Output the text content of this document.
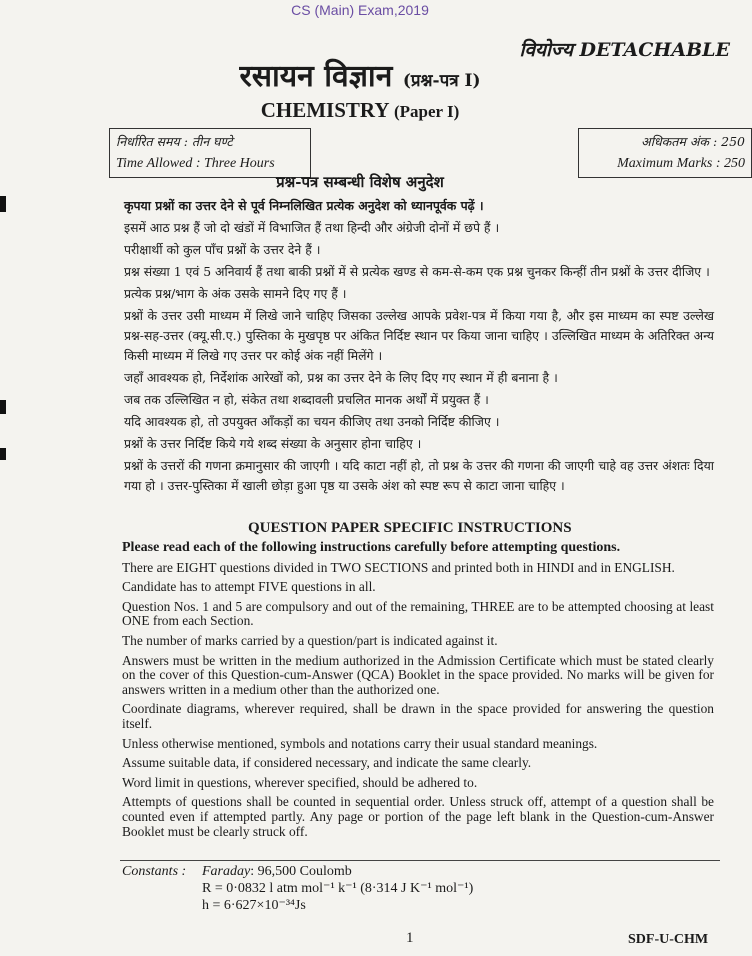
CS (Main) Exam,2019
वियोज्य DETACHABLE
रसायन विज्ञान (प्रश्न-पत्र I)
CHEMISTRY (Paper I)
निर्धारित समय : तीन घण्टे
Time Allowed : Three Hours
अधिकतम अंक : 250
Maximum Marks : 250
प्रश्न-पत्र सम्बन्धी विशेष अनुदेश

कृपया प्रश्नों का उत्तर देने से पूर्व निम्नलिखित प्रत्येक अनुदेश को ध्यानपूर्वक पढ़ें ।

इसमें आठ प्रश्न हैं जो दो खंडों में विभाजित हैं तथा हिन्दी और अंग्रेजी दोनों में छपे हैं ।

परीक्षार्थी को कुल पाँच प्रश्नों के उत्तर देने हैं ।

प्रश्न संख्या 1 एवं 5 अनिवार्य हैं तथा बाकी प्रश्नों में से प्रत्येक खण्ड से कम-से-कम एक प्रश्न चुनकर किन्हीं तीन प्रश्नों के उत्तर दीजिए ।

प्रत्येक प्रश्न/भाग के अंक उसके सामने दिए गए हैं ।

प्रश्नों के उत्तर उसी माध्यम में लिखे जाने चाहिए जिसका उल्लेख आपके प्रवेश-पत्र में किया गया है, और इस माध्यम का स्पष्ट उल्लेख प्रश्न-सह-उत्तर (क्यू.सी.ए.) पुस्तिका के मुखपृष्ठ पर अंकित निर्दिष्ट स्थान पर किया जाना चाहिए । उल्लिखित माध्यम के अतिरिक्त अन्य किसी माध्यम में लिखे गए उत्तर पर कोई अंक नहीं मिलेंगे ।

जहाँ आवश्यक हो, निर्देशांक आरेखों को, प्रश्न का उत्तर देने के लिए दिए गए स्थान में ही बनाना है ।

जब तक उल्लिखित न हो, संकेत तथा शब्दावली प्रचलित मानक अर्थों में प्रयुक्त हैं ।

यदि आवश्यक हो, तो उपयुक्त आँकड़ों का चयन कीजिए तथा उनको निर्दिष्ट कीजिए ।

प्रश्नों के उत्तर निर्दिष्ट किये गये शब्द संख्या के अनुसार होना चाहिए ।

प्रश्नों के उत्तरों की गणना क्रमानुसार की जाएगी । यदि काटा नहीं हो, तो प्रश्न के उत्तर की गणना की जाएगी चाहे वह उत्तर अंशतः दिया गया हो । उत्तर-पुस्तिका में खाली छोड़ा हुआ पृष्ठ या उसके अंश को स्पष्ट रूप से काटा जाना चाहिए ।

QUESTION PAPER SPECIFIC INSTRUCTIONS

Please read each of the following instructions carefully before attempting questions.

There are EIGHT questions divided in TWO SECTIONS and printed both in HINDI and in ENGLISH.

Candidate has to attempt FIVE questions in all.

Question Nos. 1 and 5 are compulsory and out of the remaining, THREE are to be attempted choosing at least ONE from each Section.

The number of marks carried by a question/part is indicated against it.

Answers must be written in the medium authorized in the Admission Certificate which must be stated clearly on the cover of this Question-cum-Answer (QCA) Booklet in the space provided. No marks will be given for answers written in a medium other than the authorized one.

Coordinate diagrams, wherever required, shall be drawn in the space provided for answering the question itself.

Unless otherwise mentioned, symbols and notations carry their usual standard meanings.

Assume suitable data, if considered necessary, and indicate the same clearly.

Word limit in questions, wherever specified, should be adhered to.

Attempts of questions shall be counted in sequential order. Unless struck off, attempt of a question shall be counted even if attempted partly. Any page or portion of the page left blank in the Question-cum-Answer Booklet must be clearly struck off.

Constants :	Faraday: 96,500 Coulomb
R = 0·0832 l atm mol⁻¹ k⁻¹ (8·314 J K⁻¹ mol⁻¹)
h = 6·627×10⁻³⁴Js
1	SDF-U-CHM
